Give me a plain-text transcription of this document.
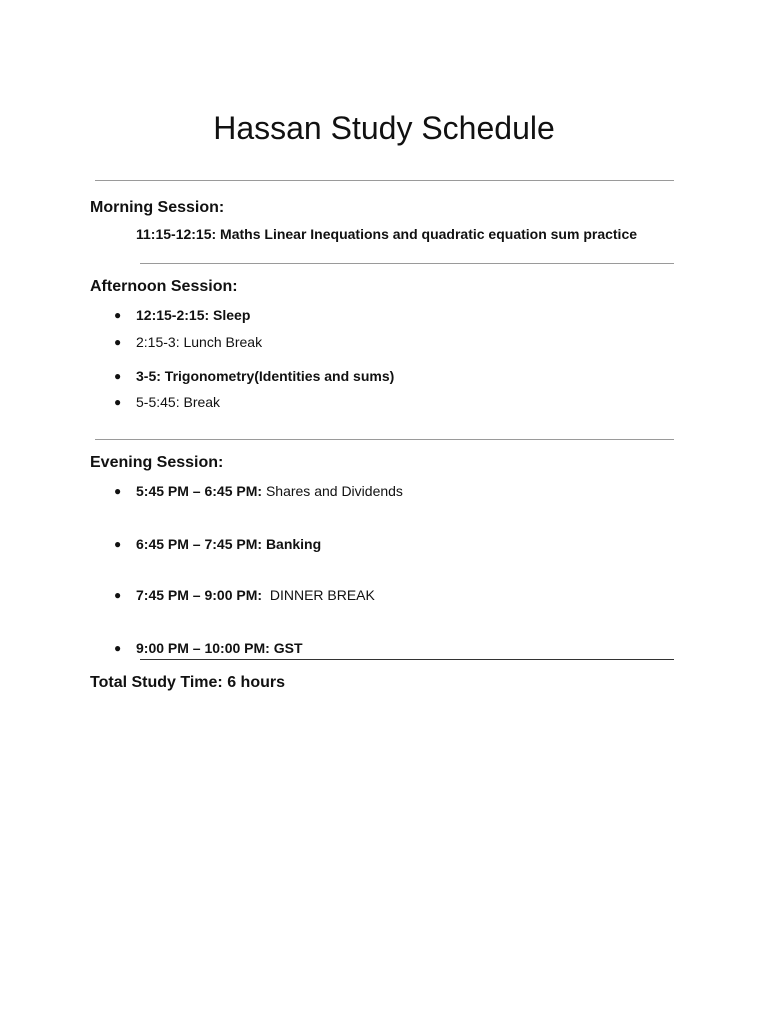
Hassan Study Schedule
Morning Session:
11:15-12:15: Maths Linear Inequations and quadratic equation sum practice
Afternoon Session:
● 12:15-2:15: Sleep
● 2:15-3: Lunch Break
● 3-5: Trigonometry(Identities and sums)
● 5-5:45: Break
Evening Session:
● 5:45 PM – 6:45 PM: Shares and Dividends
● 6:45 PM – 7:45 PM: Banking
● 7:45 PM – 9:00 PM:  DINNER BREAK
● 9:00 PM – 10:00 PM: GST
Total Study Time: 6 hours
